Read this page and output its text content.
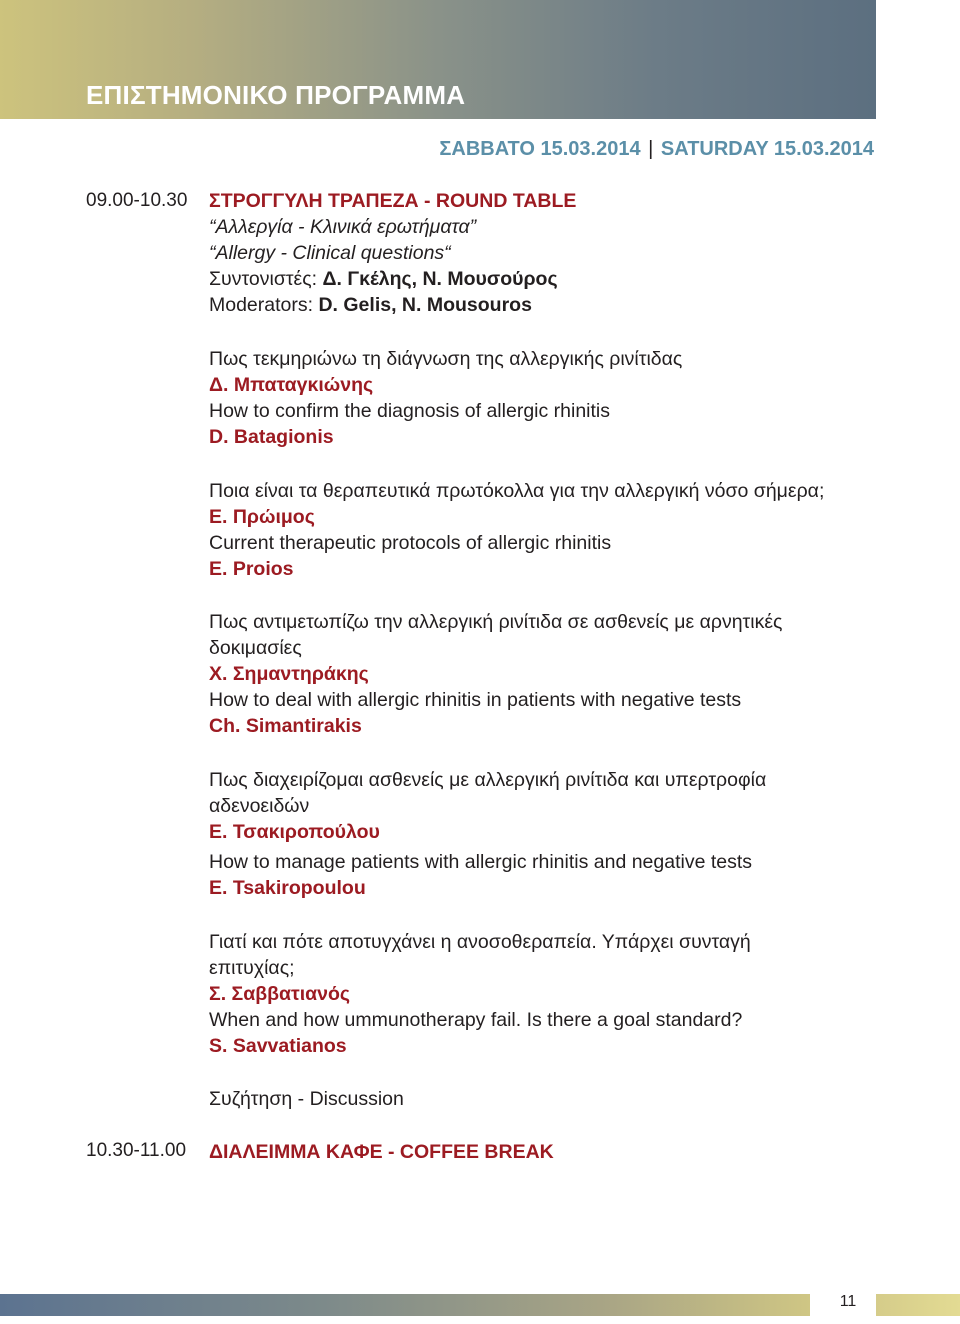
ΕΠΙΣΤΗΜΟΝΙΚΟ ΠΡΟΓΡΑΜΜΑ
ΣΑΒΒΑΤΟ 15.03.2014 | SATURDAY 15.03.2014
09.00-10.30 ΣΤΡΟΓΓΥΛΗ ΤΡΑΠΕΖΑ - ROUND TABLE
“Αλλεργία - Κλινικά ερωτήματα”
“Allergy - Clinical questions“
Συντονιστές: Δ. Γκέλης, Ν. Μουσούρος
Moderators: D. Gelis, N. Mousouros
Πως τεκμηριώνω τη διάγνωση της αλλεργικής ρινίτιδας
Δ. Μπαταγκιώνης
How to confirm the diagnosis of allergic rhinitis
D. Batagionis
Ποια είναι τα θεραπευτικά πρωτόκολλα για την αλλεργική νόσο σήμερα;
Ε. Πρώιμος
Current therapeutic protocols of allergic rhinitis
E. Proios
Πως αντιμετωπίζω την αλλεργική ρινίτιδα σε ασθενείς με αρνητικές δοκιμασίες
Χ. Σημαντηράκης
How to deal with allergic rhinitis in patients with negative tests
Ch. Simantirakis
Πως διαχειρίζομαι ασθενείς με αλλεργική ρινίτιδα και υπερτροφία αδενοειδών
Ε. Τσακιροπούλου
How to manage patients with allergic rhinitis and negative tests
E. Tsakiropoulou
Γιατί και πότε αποτυγχάνει η ανοσοθεραπεία. Υπάρχει συνταγή επιτυχίας;
Σ. Σαββατιανός
When and how ummunotherapy fail. Is there a goal standard?
S. Savvatianos
Συζήτηση - Discussion
10.30-11.00 ΔΙΑΛΕΙΜΜΑ ΚΑΦΕ - COFFEE BREAK
11
